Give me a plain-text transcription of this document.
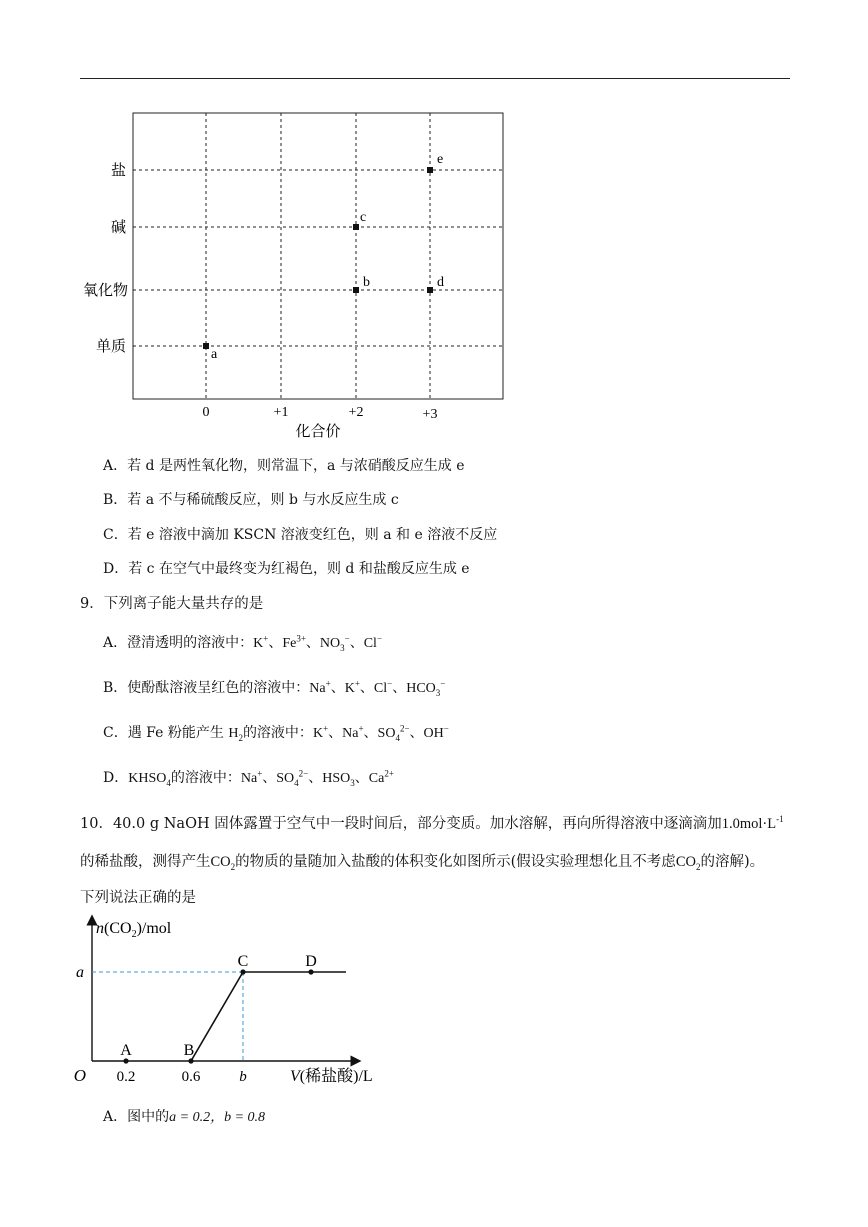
a
b
c
d
e
盐
碱
氧化物
单质
0	+1	+2	+3
化合价
A．若 d 是两性氧化物，则常温下，a 与浓硝酸反应生成 e
B．若 a 不与稀硫酸反应，则 b 与水反应生成 c
C．若 e 溶液中滴加 KSCN 溶液变红色，则 a 和 e 溶液不反应
D．若 c 在空气中最终变为红褐色，则 d 和盐酸反应生成 e
9．下列离子能大量共存的是
A．澄清透明的溶液中：K+、$Fe^{3+}$、$NO_3^-$、Cl−
B．使酚酞溶液呈红色的溶液中：Na+、K+、Cl−、$HCO_3^-$
C．遇 Fe 粉能产生 $H_2$的溶液中：K+、Na+、$SO_4^{2-}$、OH−
D．$KHSO_4$的溶液中：Na+、$SO_4^{2-}$、$HSO_3$、$Ca^{2+}$
10．40.0 g NaOH 固体露置于空气中一段时间后，部分变质。加水溶解，再向所得溶液中逐滴滴加$1.0mol\cdot L^{-1}$
的稀盐酸，测得产生$CO_2$的物质的量随加入盐酸的体积变化如图所示(假设实验理想化且不考虑$CO_2$的溶解)。
下列说法正确的是
A	B
C	D
$n(CO_2)$/mol
a
O 0.2	0.6	b	V(稀盐酸)/L
A．图中的a = 0.2，b = 0.8
